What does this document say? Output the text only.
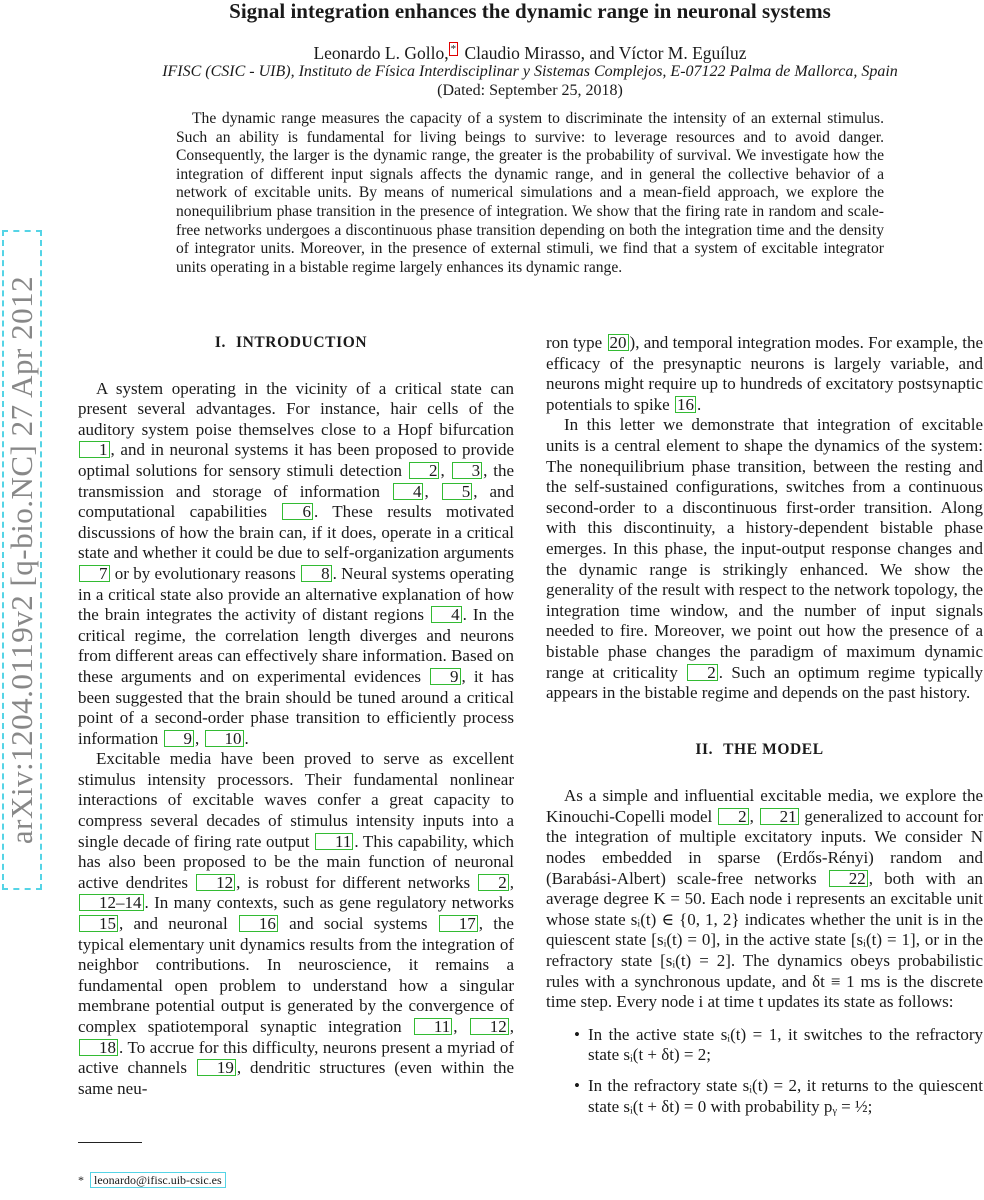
Signal integration enhances the dynamic range in neuronal systems
Leonardo L. Gollo, * Claudio Mirasso, and Víctor M. Eguíluz
IFISC (CSIC - UIB), Instituto de Física Interdisciplinar y Sistemas Complejos, E-07122 Palma de Mallorca, Spain
(Dated: September 25, 2018)

The dynamic range measures the capacity of a system to discriminate the intensity of an external stimulus. Such an ability is fundamental for living beings to survive: to leverage resources and to avoid danger. Consequently, the larger is the dynamic range, the greater is the probability of survival. We investigate how the integration of different input signals affects the dynamic range, and in general the collective behavior of a network of excitable units. By means of numerical simulations and a mean-field approach, we explore the nonequilibrium phase transition in the presence of integration. We show that the firing rate in random and scale-free networks undergoes a discontinuous phase transition depending on both the integration time and the density of integrator units. Moreover, in the presence of external stimuli, we find that a system of excitable integrator units operating in a bistable regime largely enhances its dynamic range.

arXiv:1204.0119v2 [q-bio.NC] 27 Apr 2012	I. INTRODUCTION

A system operating in the vicinity of a critical state can present several advantages. For instance, hair cells of the auditory system poise themselves close to a Hopf bifurcation 1 , and in neuronal systems it has been proposed to provide optimal solutions for sensory stimuli detection 2 , 3 , the transmission and storage of information 4 , 5 , and computational capabilities 6 . These results motivated discussions of how the brain can, if it does, operate in a critical state and whether it could be due to self-organization arguments 7 or by evolutionary reasons 8 . Neural systems operating in a critical state also provide an alternative explanation of how the brain integrates the activity of distant regions 4 . In the critical regime, the correlation length diverges and neurons from different areas can effectively share information. Based on these arguments and on experimental evidences 9 , it has been suggested that the brain should be tuned around a critical point of a second-order phase transition to efficiently process information 9 , 10 .

Excitable media have been proved to serve as excellent stimulus intensity processors. Their fundamental nonlinear interactions of excitable waves confer a great capacity to compress several decades of stimulus intensity inputs into a single decade of firing rate output 11 . This capability, which has also been proposed to be the main function of neuronal active dendrites 12 , is robust for different networks 2 , 12–14 . In many contexts, such as gene regulatory networks 15 , and neuronal 16 and social systems 17 , the typical elementary unit dynamics results from the integration of neighbor contributions. In neuroscience, it remains a fundamental open problem to understand how a singular membrane potential output is generated by the convergence of complex spatiotemporal synaptic integration 11 , 12 , 18 . To accrue for this difficulty, neurons present a myriad of active channels 19 , dendritic structures (even within the same neu-

ron type 20 ), and temporal integration modes. For example, the efficacy of the presynaptic neurons is largely variable, and neurons might require up to hundreds of excitatory postsynaptic potentials to spike 16 .

In this letter we demonstrate that integration of excitable units is a central element to shape the dynamics of the system: The nonequilibrium phase transition, between the resting and the self-sustained configurations, switches from a continuous second-order to a discontinuous first-order transition. Along with this discontinuity, a history-dependent bistable phase emerges. In this phase, the input-output response changes and the dynamic range is strikingly enhanced. We show the generality of the result with respect to the network topology, the integration time window, and the number of input signals needed to fire. Moreover, we point out how the presence of a bistable phase changes the paradigm of maximum dynamic range at criticality 2 . Such an optimum regime typically appears in the bistable regime and depends on the past history.

II. THE MODEL

As a simple and influential excitable media, we explore the Kinouchi-Copelli model 2 , 21 generalized to account for the integration of multiple excitatory inputs. We consider N nodes embedded in sparse (Erdős-Rényi) random and (Barabási-Albert) scale-free networks 22 , both with an average degree K = 50. Each node i represents an excitable unit whose state sᵢ(t) ∈ {0, 1, 2} indicates whether the unit is in the quiescent state [sᵢ(t) = 0], in the active state [sᵢ(t) = 1], or in the refractory state [sᵢ(t) = 2]. The dynamics obeys probabilistic rules with a synchronous update, and δt ≡ 1 ms is the discrete time step. Every node i at time t updates its state as follows:

• In the active state sᵢ(t) = 1, it switches to the refractory state sᵢ(t + δt) = 2;
• In the refractory state sᵢ(t) = 2, it returns to the quiescent state sᵢ(t + δt) = 0 with probability pᵧ = ½;
* leonardo@ifisc.uib-csic.es
